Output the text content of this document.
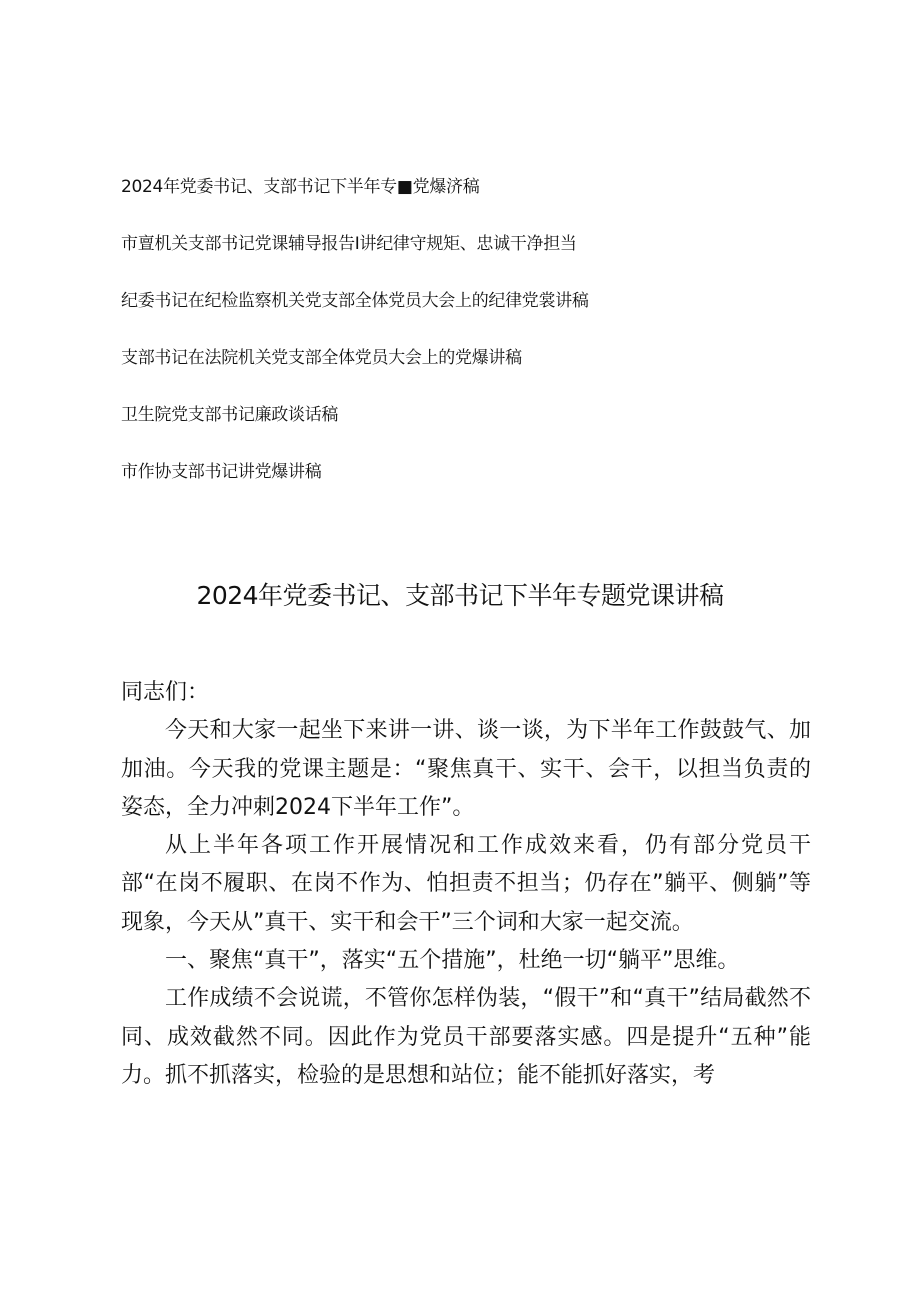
2024年党委书记、支部书记下半年专■党爆济稿
市亶机关支部书记党课辅导报告I讲纪律守规矩、忠诚干净担当
纪委书记在纪检监察机关党支部全体党员大会上的纪律党裳讲稿
支部书记在法院机关党支部全体党员大会上的党爆讲稿
卫生院党支部书记廉政谈话稿
市作协支部书记讲党爆讲稿
2024年党委书记、支部书记下半年专题党课讲稿

同志们：

今天和大家一起坐下来讲一讲、谈一谈，为下半年工作鼓鼓气、加加油。今天我的党课主题是：“聚焦真干、实干、会干，以担当负责的姿态，全力冲刺2024下半年工作”。

从上半年各项工作开展情况和工作成效来看，仍有部分党员干部“在岗不履职、在岗不作为、怕担责不担当；仍存在”躺平、侧躺”等现象，今天从”真干、实干和会干”三个词和大家一起交流。

一、聚焦“真干”，落实“五个措施”，杜绝一切“躺平”思维。

工作成绩不会说谎，不管你怎样伪装，“假干”和“真干”结局截然不同、成效截然不同。因此作为党员干部要落实感。四是提升“五种”能力。抓不抓落实，检验的是思想和站位；能不能抓好落实，考
